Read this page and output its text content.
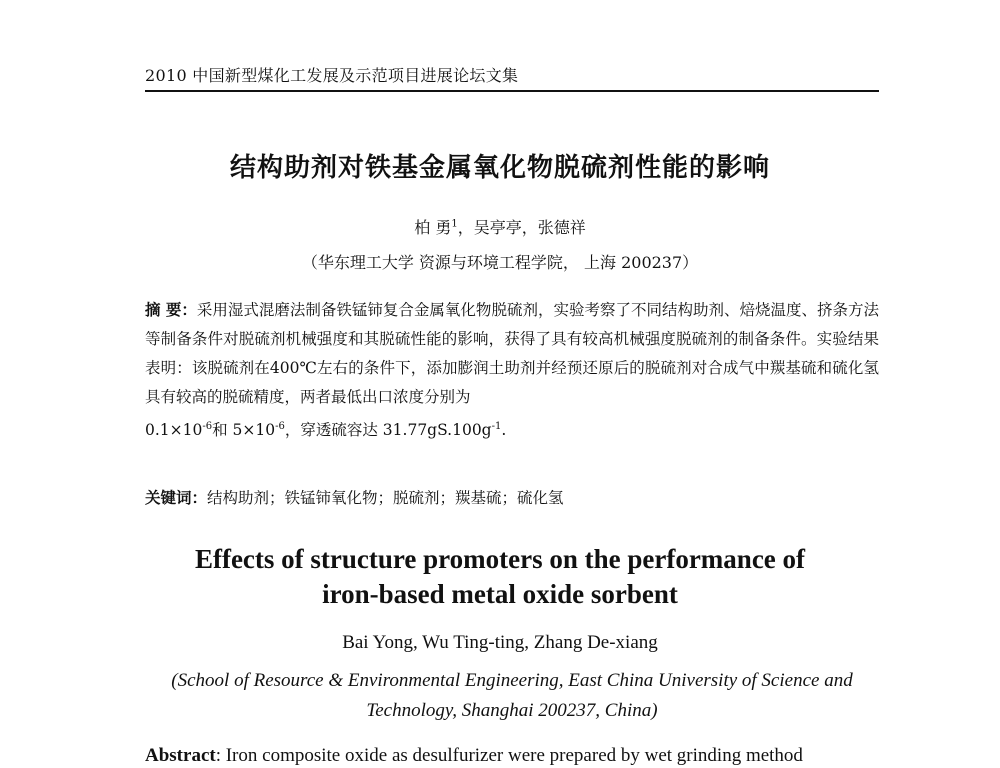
2010 中国新型煤化工发展及示范项目进展论坛文集
结构助剂对铁基金属氧化物脱硫剂性能的影响
柏 勇$^1$，吴亭亭，张德祥
（华东理工大学 资源与环境工程学院， 上海 200237）
摘 要：采用湿式混磨法制备铁锰铈复合金属氧化物脱硫剂，实验考察了不同结构助剂、焙烧温度、挤条方法等制备条件对脱硫剂机械强度和其脱硫性能的影响，获得了具有较高机械强度脱硫剂的制备条件。实验结果表明：该脱硫剂在400℃左右的条件下，添加膨润土助剂并经预还原后的脱硫剂对合成气中羰基硫和硫化氢具有较高的脱硫精度，两者最低出口浓度分别为
$0.1\times 10^{-6}$和 $5\times 10^{-6}$，穿透硫容达 $31.77gS.100g^{-1}$.
关键词：结构助剂；铁锰铈氧化物；脱硫剂；羰基硫；硫化氢
Effects of structure promoters on the performance of
iron-based metal oxide sorbent
Bai Yong, Wu Ting-ting, Zhang De-xiang
(School of Resource & Environmental Engineering, East China University of Science and Technology, Shanghai 200237, China)
Abstract: Iron composite oxide as desulfurizer were prepared by wet grinding method
